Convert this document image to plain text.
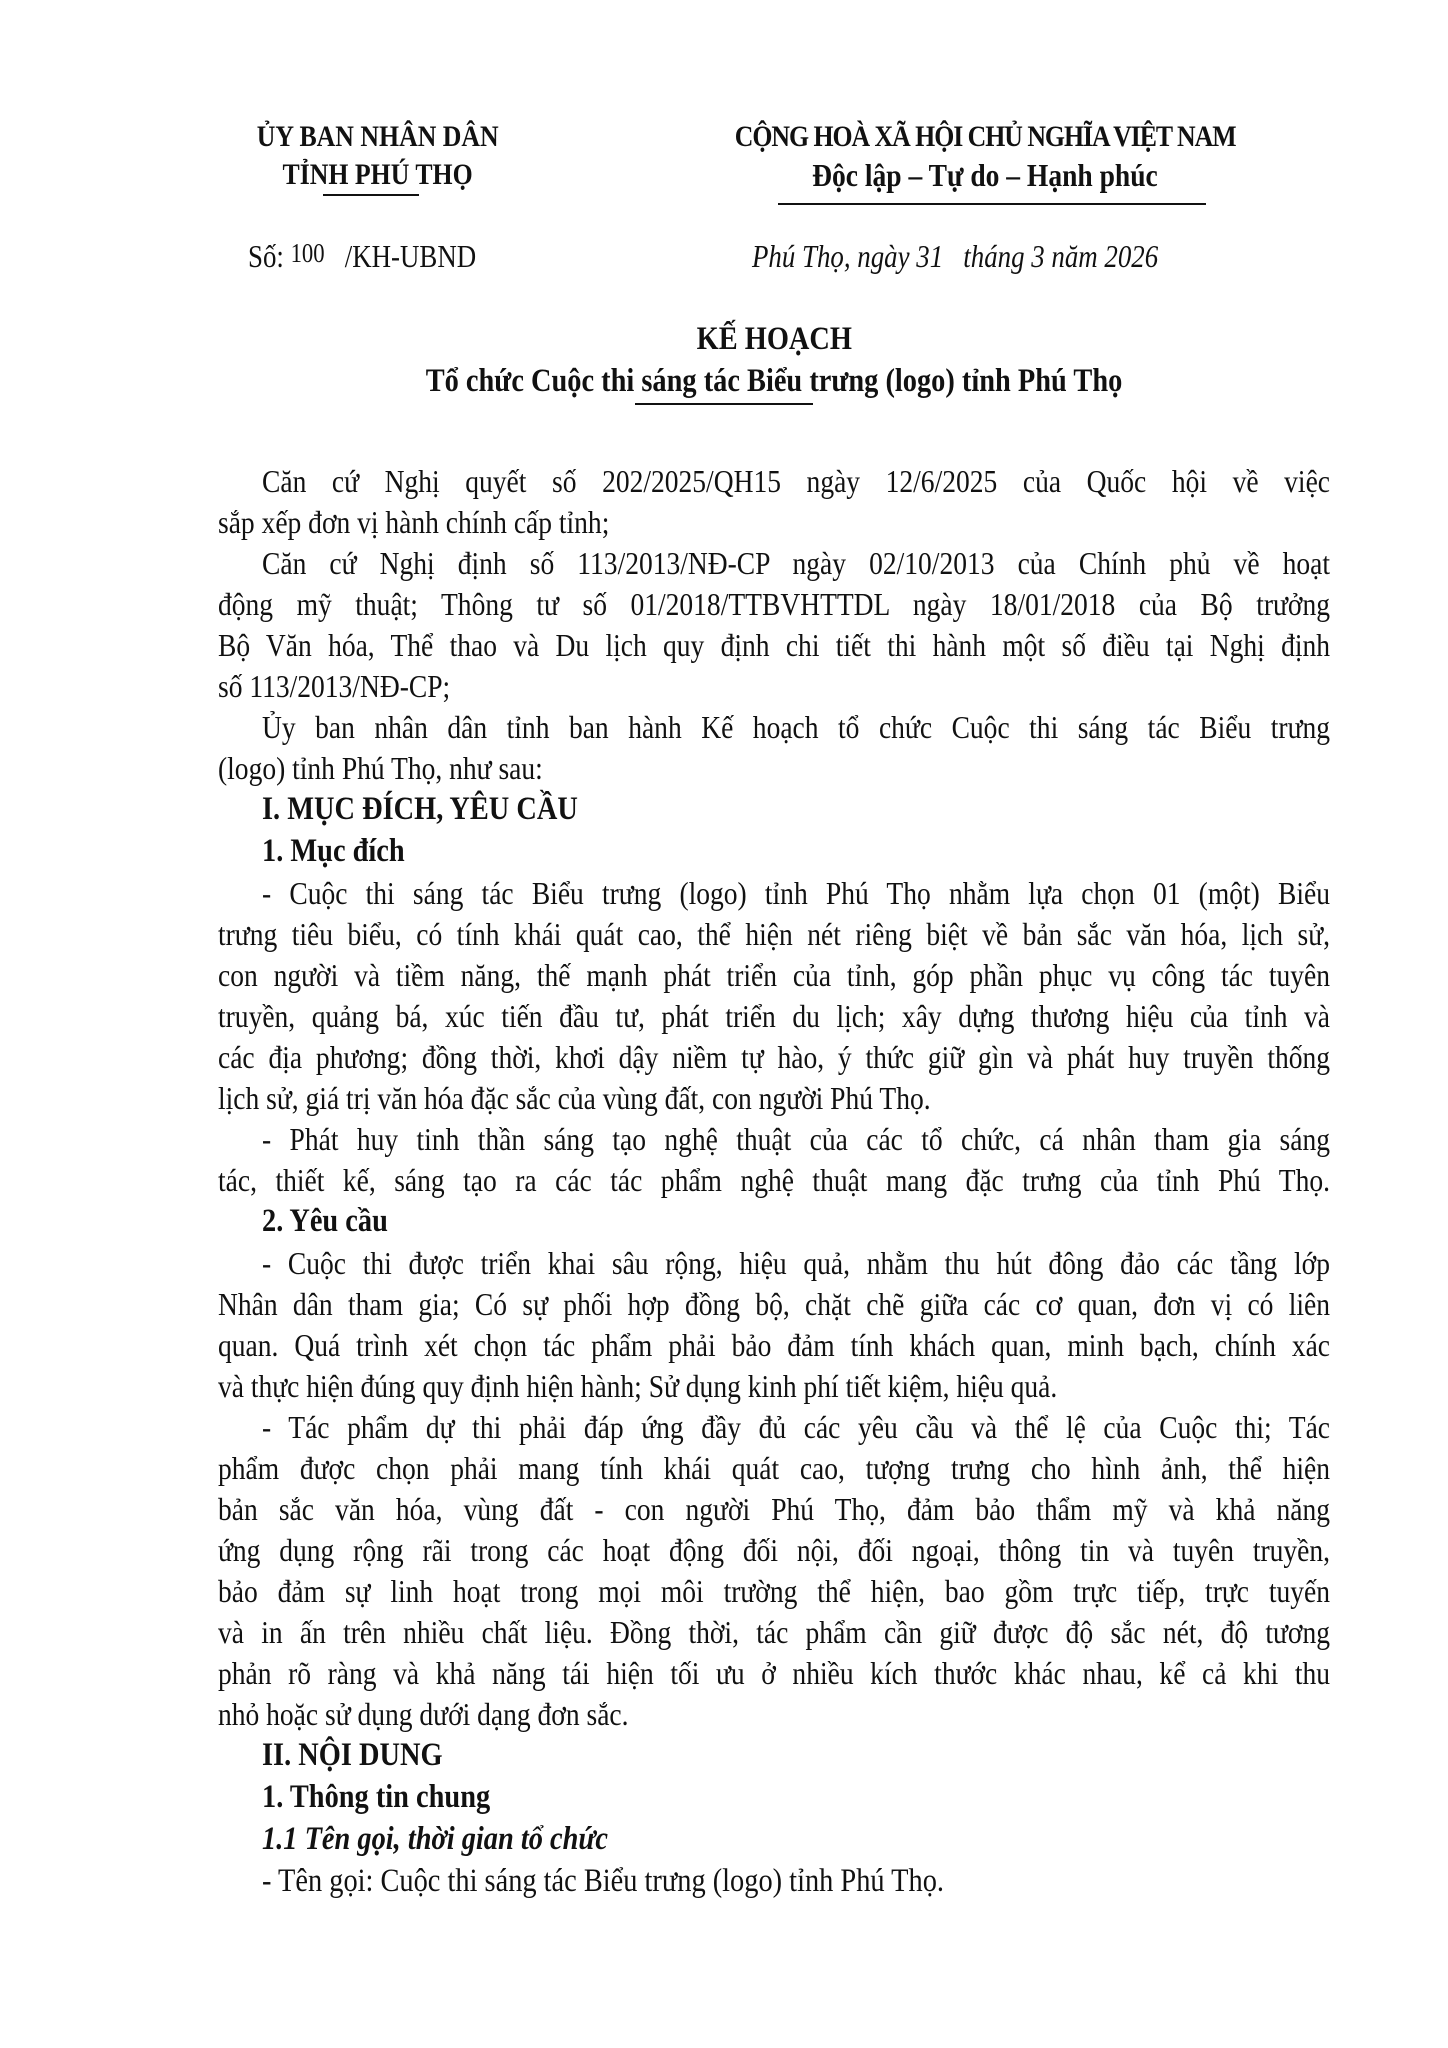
ỦY BAN NHÂN DÂN
TỈNH PHÚ THỌ
CỘNG HOÀ XÃ HỘI CHỦ NGHĨA VIỆT NAM
Độc lập – Tự do – Hạnh phúc
Số: 100 /KH-UBND	Phú Thọ, ngày 31   tháng 3 năm 2026
KẾ HOẠCH
Tổ chức Cuộc thi sáng tác Biểu trưng (logo) tỉnh Phú Thọ
Căn cứ Nghị quyết số 202/2025/QH15 ngày 12/6/2025 của Quốc hội về việc
sắp xếp đơn vị hành chính cấp tỉnh;
Căn cứ Nghị định số 113/2013/NĐ-CP ngày 02/10/2013 của Chính phủ về hoạt
động mỹ thuật; Thông tư số 01/2018/TTBVHTTDL ngày 18/01/2018 của Bộ trưởng
Bộ Văn hóa, Thể thao và Du lịch quy định chi tiết thi hành một số điều tại Nghị định
số 113/2013/NĐ-CP;
Ủy ban nhân dân tỉnh ban hành Kế hoạch tổ chức Cuộc thi sáng tác Biểu trưng
(logo) tỉnh Phú Thọ, như sau:
I. MỤC ĐÍCH, YÊU CẦU
1. Mục đích
- Cuộc thi sáng tác Biểu trưng (logo) tỉnh Phú Thọ nhằm lựa chọn 01 (một) Biểu
trưng tiêu biểu, có tính khái quát cao, thể hiện nét riêng biệt về bản sắc văn hóa, lịch sử,
con người và tiềm năng, thế mạnh phát triển của tỉnh, góp phần phục vụ công tác tuyên
truyền, quảng bá, xúc tiến đầu tư, phát triển du lịch; xây dựng thương hiệu của tỉnh và
các địa phương; đồng thời, khơi dậy niềm tự hào, ý thức giữ gìn và phát huy truyền thống
lịch sử, giá trị văn hóa đặc sắc của vùng đất, con người Phú Thọ.
- Phát huy tinh thần sáng tạo nghệ thuật của các tổ chức, cá nhân tham gia sáng
tác, thiết kế, sáng tạo ra các tác phẩm nghệ thuật mang đặc trưng của tỉnh Phú Thọ.
2. Yêu cầu
- Cuộc thi được triển khai sâu rộng, hiệu quả, nhằm thu hút đông đảo các tầng lớp
Nhân dân tham gia; Có sự phối hợp đồng bộ, chặt chẽ giữa các cơ quan, đơn vị có liên
quan. Quá trình xét chọn tác phẩm phải bảo đảm tính khách quan, minh bạch, chính xác
và thực hiện đúng quy định hiện hành; Sử dụng kinh phí tiết kiệm, hiệu quả.
- Tác phẩm dự thi phải đáp ứng đầy đủ các yêu cầu và thể lệ của Cuộc thi; Tác
phẩm được chọn phải mang tính khái quát cao, tượng trưng cho hình ảnh, thể hiện
bản sắc văn hóa, vùng đất - con người Phú Thọ, đảm bảo thẩm mỹ và khả năng
ứng dụng rộng rãi trong các hoạt động đối nội, đối ngoại, thông tin và tuyên truyền,
bảo đảm sự linh hoạt trong mọi môi trường thể hiện, bao gồm trực tiếp, trực tuyến
và in ấn trên nhiều chất liệu. Đồng thời, tác phẩm cần giữ được độ sắc nét, độ tương
phản rõ ràng và khả năng tái hiện tối ưu ở nhiều kích thước khác nhau, kể cả khi thu
nhỏ hoặc sử dụng dưới dạng đơn sắc.
II. NỘI DUNG
1. Thông tin chung
1.1 Tên gọi, thời gian tổ chức
- Tên gọi: Cuộc thi sáng tác Biểu trưng (logo) tỉnh Phú Thọ.
